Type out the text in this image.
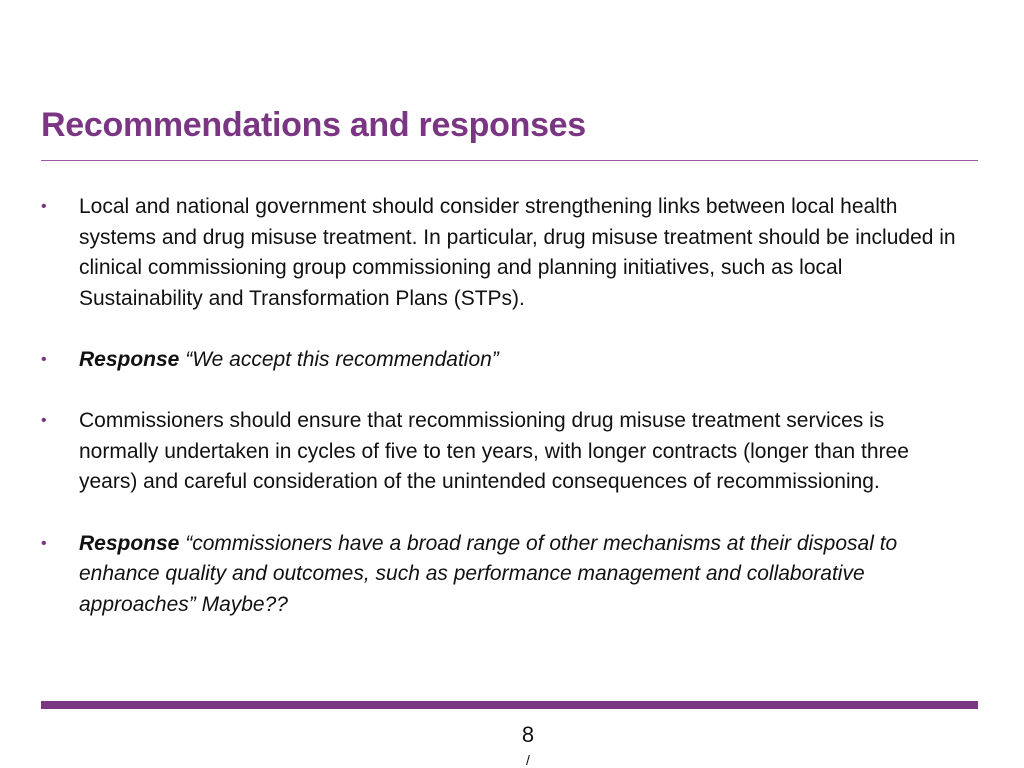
Recommendations and responses
• Local and national government should consider strengthening links between local health systems and drug misuse treatment. In particular, drug misuse treatment should be included in clinical commissioning group commissioning and planning initiatives, such as local Sustainability and Transformation Plans (STPs).
• Response “We accept this recommendation”
• Commissioners should ensure that recommissioning drug misuse treatment services is normally undertaken in cycles of five to ten years, with longer contracts (longer than three years) and careful consideration of the unintended consequences of recommissioning.
• Response “commissioners have a broad range of other mechanisms at their disposal to enhance quality and outcomes, such as performance management and collaborative approaches” Maybe??
8
/
